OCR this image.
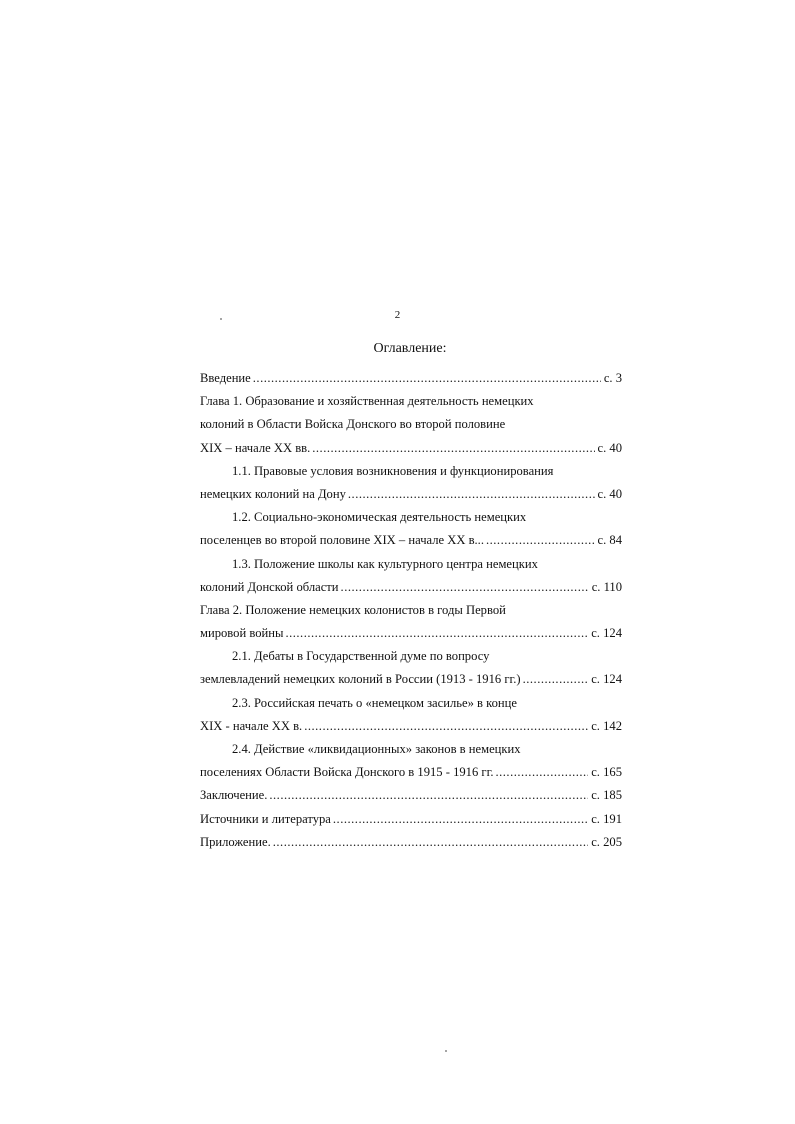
2
Оглавление:
Введение .....	с. 3
Глава 1. Образование и хозяйственная деятельность немецких
колоний в Области Войска Донского во второй половине
XIX – начале XX вв. .....	с. 40
1.1. Правовые условия возникновения и функционирования
немецких колоний на Дону .....	с. 40
1.2. Социально-экономическая деятельность немецких
поселенцев во второй половине XIX – начале XX в... .....	с. 84
1.3. Положение школы как культурного центра немецких
колоний Донской области .....	с. 110
Глава 2. Положение немецких колонистов в годы Первой
мировой войны .....	с. 124
2.1. Дебаты в Государственной думе по вопросу
землевладений немецких колоний в России (1913 - 1916 гг.) .....	с. 124
2.3. Российская печать о «немецком засилье» в конце
XIX - начале XX в. .....	с. 142
2.4. Действие «ликвидационных» законов в немецких
поселениях Области Войска Донского в 1915 - 1916 гг. .....	с. 165
Заключение. .....	с. 185
Источники и литература .....	с. 191
Приложение. .....	с. 205
